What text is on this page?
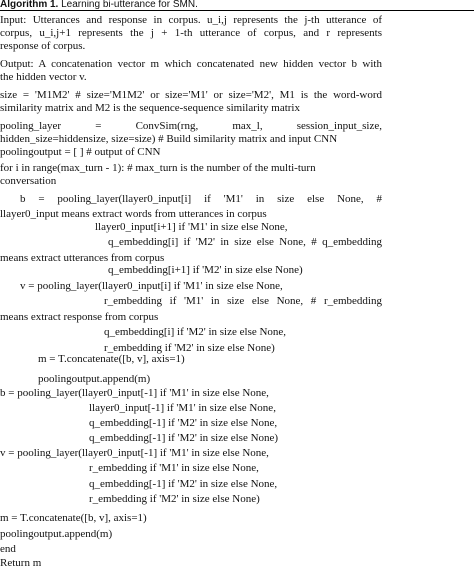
Algorithm 1. Learning bi-utterance for SMN.
Input: Utterances and response in corpus. u_i,j represents the j-th utterance of
corpus, u_i,j+1 represents the j + 1-th utterance of corpus, and r represents
response of corpus.
Output: A concatenation vector m which concatenated new hidden vector b with
the hidden vector v.
size = 'M1M2' # size='M1M2' or size='M1' or size='M2', M1 is the word-word
similarity matrix and M2 is the sequence-sequence similarity matrix
pooling_layer = ConvSim(rng, max_l, session_input_size,
hidden_size=hiddensize, size=size) # Build similarity matrix and input CNN
poolingoutput = [ ] # output of CNN
for i in range(max_turn - 1): # max_turn is the number of the multi-turn
conversation
b = pooling_layer(llayer0_input[i] if 'M1' in size else None, #
llayer0_input means extract words from utterances in corpus
llayer0_input[i+1] if 'M1' in size else None,
q_embedding[i] if 'M2' in size else None, # q_embedding
means extract utterances from corpus
q_embedding[i+1] if 'M2' in size else None)
v = pooling_layer(llayer0_input[i] if 'M1' in size else None,
r_embedding if 'M1' in size else None, # r_embedding
means extract response from corpus
q_embedding[i] if 'M2' in size else None,
r_embedding if 'M2' in size else None)
m = T.concatenate([b, v], axis=1)
poolingoutput.append(m)
b = pooling_layer(llayer0_input[-1] if 'M1' in size else None,
llayer0_input[-1] if 'M1' in size else None,
q_embedding[-1] if 'M2' in size else None,
q_embedding[-1] if 'M2' in size else None)
v = pooling_layer(llayer0_input[-1] if 'M1' in size else None,
r_embedding if 'M1' in size else None,
q_embedding[-1] if 'M2' in size else None,
r_embedding if 'M2' in size else None)
m = T.concatenate([b, v], axis=1)
poolingoutput.append(m)
end
Return m
